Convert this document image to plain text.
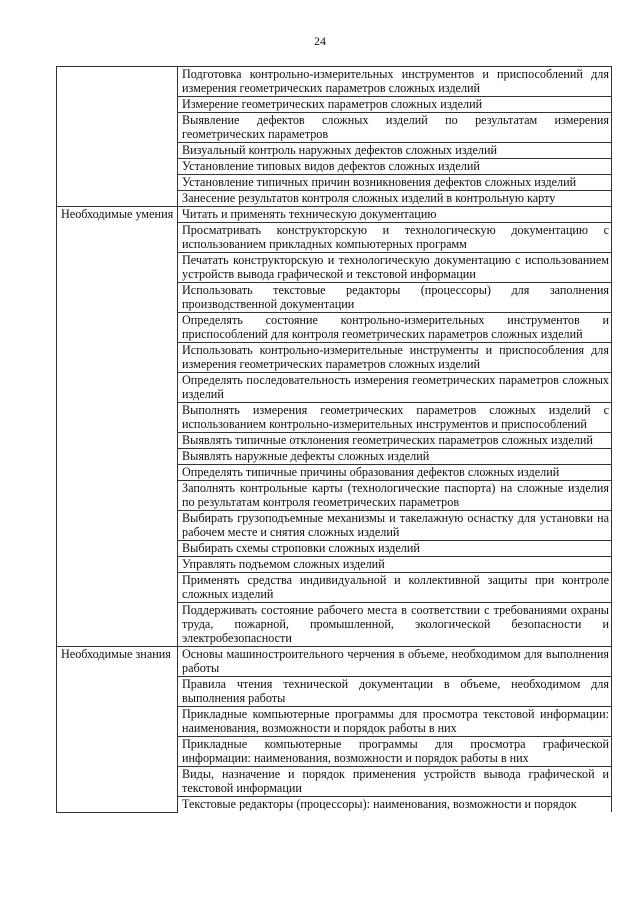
24
	Подготовка контрольно-измерительных инструментов и приспособлений для измерения геометрических параметров сложных изделий
	Измерение геометрических параметров сложных изделий
	Выявление дефектов сложных изделий по результатам измерения геометрических параметров
	Визуальный контроль наружных дефектов сложных изделий
	Установление типовых видов дефектов сложных изделий
	Установление типичных причин возникновения дефектов сложных изделий
	Занесение результатов контроля сложных изделий в контрольную карту
Необходимые умения	Читать и применять техническую документацию
	Просматривать конструкторскую и технологическую документацию с использованием прикладных компьютерных программ
	Печатать конструкторскую и технологическую документацию с использованием устройств вывода графической и текстовой информации
	Использовать текстовые редакторы (процессоры) для заполнения производственной документации
	Определять состояние контрольно-измерительных инструментов и приспособлений для контроля геометрических параметров сложных изделий
	Использовать контрольно-измерительные инструменты и приспособления для измерения геометрических параметров сложных изделий
	Определять последовательность измерения геометрических параметров сложных изделий
	Выполнять измерения геометрических параметров сложных изделий с использованием контрольно-измерительных инструментов и приспособлений
	Выявлять типичные отклонения геометрических параметров сложных изделий
	Выявлять наружные дефекты сложных изделий
	Определять типичные причины образования дефектов сложных изделий
	Заполнять контрольные карты (технологические паспорта) на сложные изделия по результатам контроля геометрических параметров
	Выбирать грузоподъемные механизмы и такелажную оснастку для установки на рабочем месте и снятия сложных изделий
	Выбирать схемы строповки сложных изделий
	Управлять подъемом сложных изделий
	Применять средства индивидуальной и коллективной защиты при контроле сложных изделий
	Поддерживать состояние рабочего места в соответствии с требованиями охраны труда, пожарной, промышленной, экологической безопасности и электробезопасности
Необходимые знания	Основы машиностроительного черчения в объеме, необходимом для выполнения работы
	Правила чтения технической документации в объеме, необходимом для выполнения работы
	Прикладные компьютерные программы для просмотра текстовой информации: наименования, возможности и порядок работы в них
	Прикладные компьютерные программы для просмотра графической информации: наименования, возможности и порядок работы в них
	Виды, назначение и порядок применения устройств вывода графической и текстовой информации
	Текстовые редакторы (процессоры): наименования, возможности и порядок
